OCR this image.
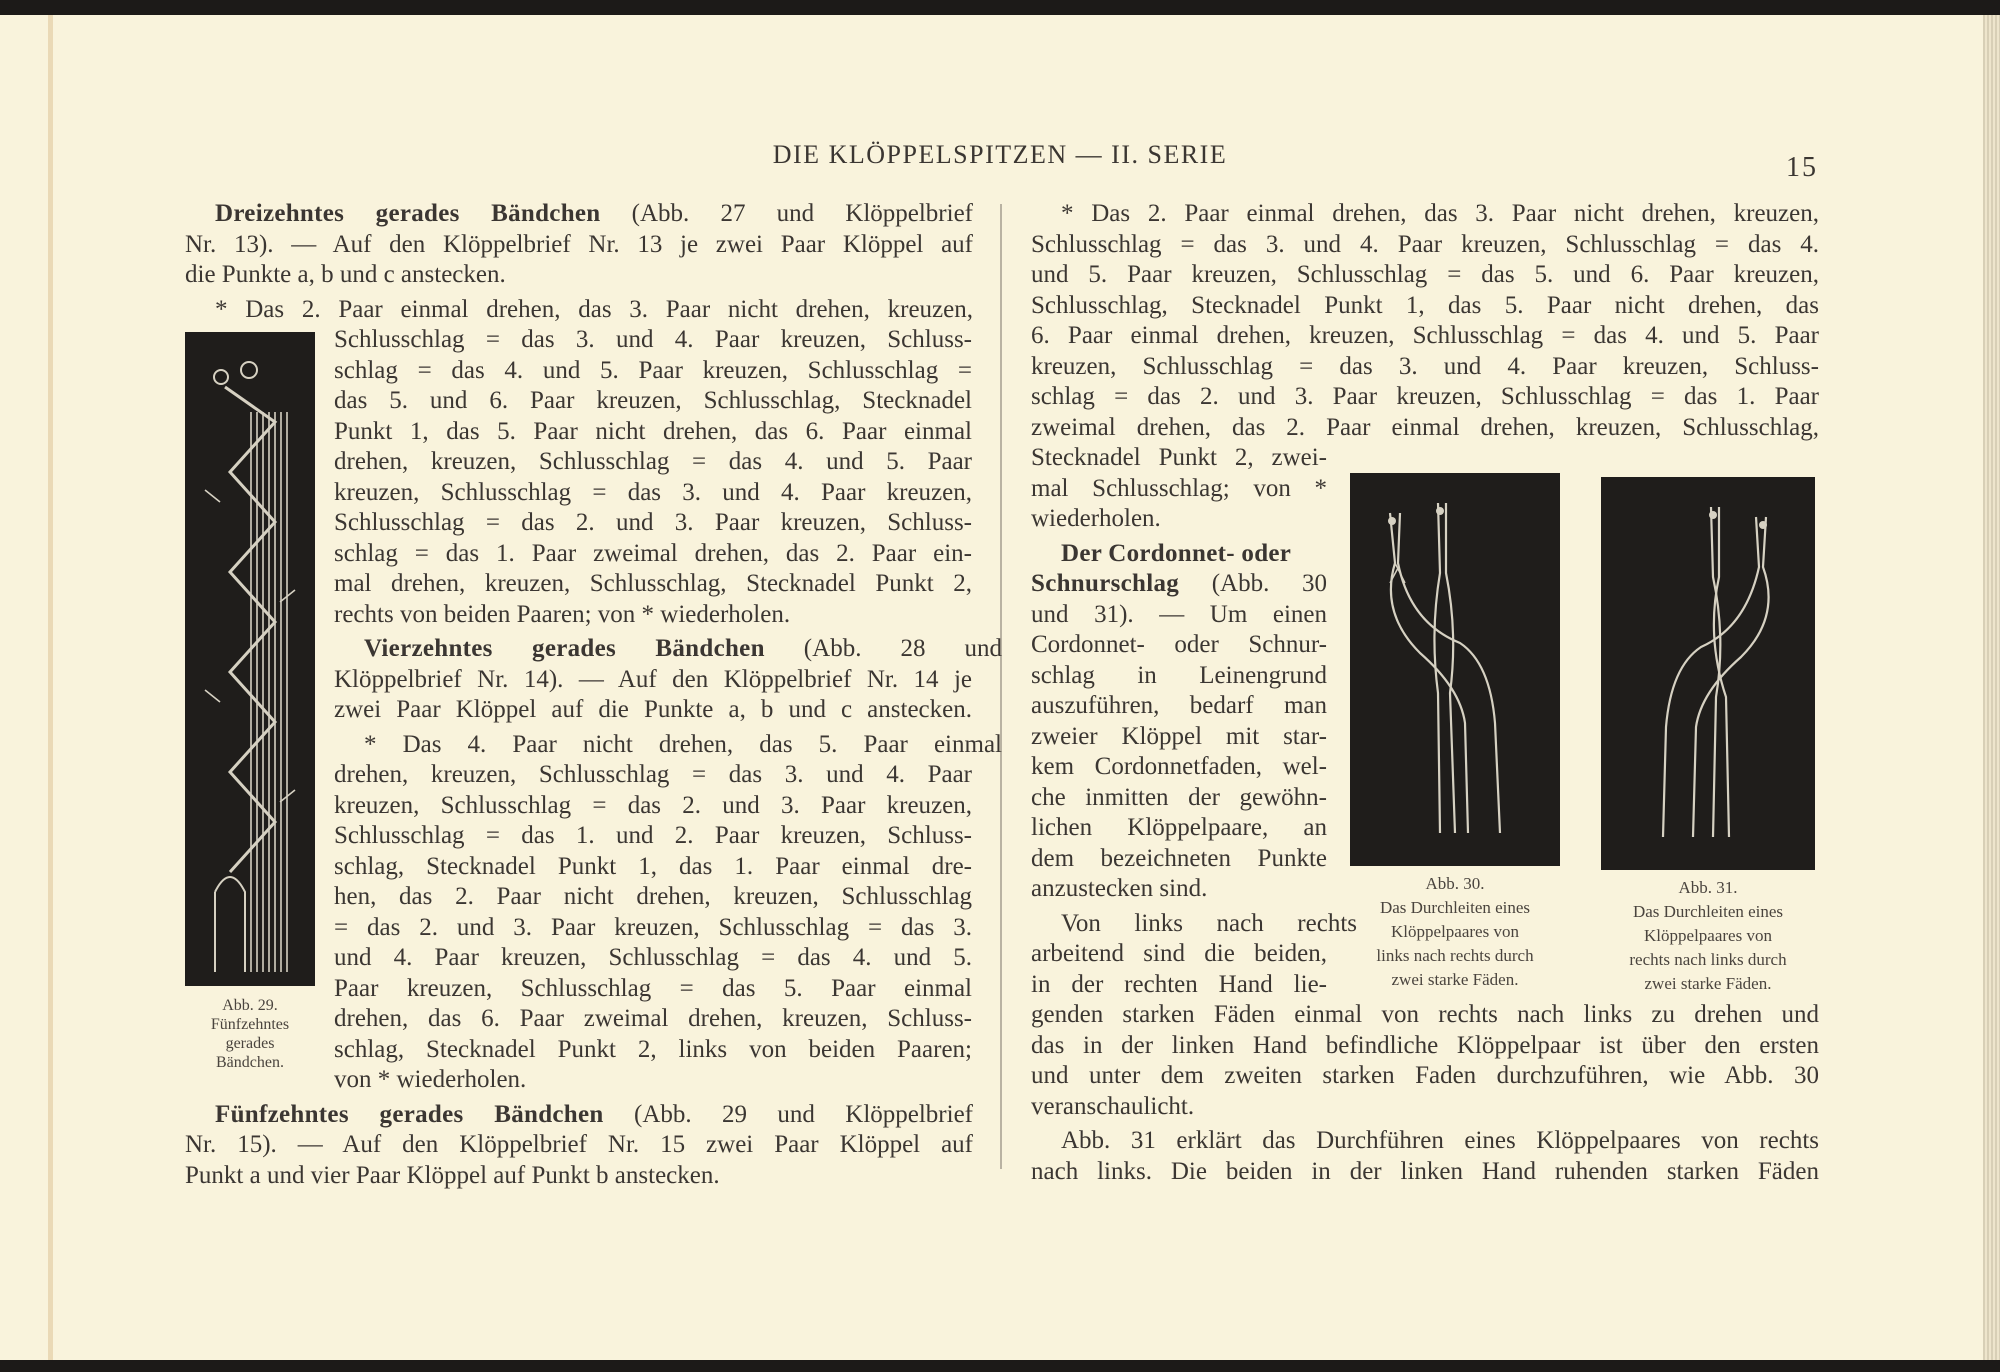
DIE KLÖPPELSPITZEN — II. SERIE	15
Dreizehntes gerades Bändchen (Abb. 27 und Klöppelbrief
Nr. 13). — Auf den Klöppelbrief Nr. 13 je zwei Paar Klöppel auf
die Punkte a, b und c anstecken.
* Das 2. Paar einmal drehen, das 3. Paar nicht drehen, kreuzen,
Schlusschlag = das 3. und 4. Paar kreuzen, Schluss-
schlag = das 4. und 5. Paar kreuzen, Schlusschlag =
das 5. und 6. Paar kreuzen, Schlusschlag, Stecknadel
Punkt 1, das 5. Paar nicht drehen, das 6. Paar einmal
drehen, kreuzen, Schlusschlag = das 4. und 5. Paar
kreuzen, Schlusschlag = das 3. und 4. Paar kreuzen,
Schlusschlag = das 2. und 3. Paar kreuzen, Schluss-
schlag = das 1. Paar zweimal drehen, das 2. Paar ein-
mal drehen, kreuzen, Schlusschlag, Stecknadel Punkt 2,
rechts von beiden Paaren; von * wiederholen.
Vierzehntes gerades Bändchen (Abb. 28 und
Klöppelbrief Nr. 14). — Auf den Klöppelbrief Nr. 14 je
zwei Paar Klöppel auf die Punkte a, b und c anstecken.
* Das 4. Paar nicht drehen, das 5. Paar einmal
drehen, kreuzen, Schlusschlag = das 3. und 4. Paar
kreuzen, Schlusschlag = das 2. und 3. Paar kreuzen,
Schlusschlag = das 1. und 2. Paar kreuzen, Schluss-
schlag, Stecknadel Punkt 1, das 1. Paar einmal dre-
hen, das 2. Paar nicht drehen, kreuzen, Schlusschlag
= das 2. und 3. Paar kreuzen, Schlusschlag = das 3.
und 4. Paar kreuzen, Schlusschlag = das 4. und 5.
Paar kreuzen, Schlusschlag = das 5. Paar einmal
drehen, das 6. Paar zweimal drehen, kreuzen, Schluss-
schlag, Stecknadel Punkt 2, links von beiden Paaren;
von * wiederholen.
Fünfzehntes gerades Bändchen (Abb. 29 und Klöppelbrief
Nr. 15). — Auf den Klöppelbrief Nr. 15 zwei Paar Klöppel auf
Punkt a und vier Paar Klöppel auf Punkt b anstecken.
* Das 2. Paar einmal drehen, das 3. Paar nicht drehen, kreuzen,
Schlusschlag = das 3. und 4. Paar kreuzen, Schlusschlag = das 4.
und 5. Paar kreuzen, Schlusschlag = das 5. und 6. Paar kreuzen,
Schlusschlag, Stecknadel Punkt 1, das 5. Paar nicht drehen, das
6. Paar einmal drehen, kreuzen, Schlusschlag = das 4. und 5. Paar
kreuzen, Schlusschlag = das 3. und 4. Paar kreuzen, Schluss-
schlag = das 2. und 3. Paar kreuzen, Schlusschlag = das 1. Paar
zweimal drehen, das 2. Paar einmal drehen, kreuzen, Schlusschlag,
Stecknadel Punkt 2, zwei-
mal Schlusschlag; von *
wiederholen.
Der Cordonnet- oder
Schnurschlag (Abb. 30
und 31). — Um einen
Cordonnet- oder Schnur-
schlag in Leinengrund
auszuführen, bedarf man
zweier Klöppel mit star-
kem Cordonnetfaden, wel-
che inmitten der gewöhn-
lichen Klöppelpaare, an
dem bezeichneten Punkte
anzustecken sind.
Von links nach rechts
arbeitend sind die beiden,
in der rechten Hand lie-
genden starken Fäden einmal von rechts nach links zu drehen und
das in der linken Hand befindliche Klöppelpaar ist über den ersten
und unter dem zweiten starken Faden durchzuführen, wie Abb. 30
veranschaulicht.
Abb. 31 erklärt das Durchführen eines Klöppelpaares von rechts
nach links. Die beiden in der linken Hand ruhenden starken Fäden
Abb. 29.
Fünfzehntes
gerades
Bändchen.
Abb. 30.
Das Durchleiten eines
Klöppelpaares von
links nach rechts durch
zwei starke Fäden.
Abb. 31.
Das Durchleiten eines
Klöppelpaares von
rechts nach links durch
zwei starke Fäden.
